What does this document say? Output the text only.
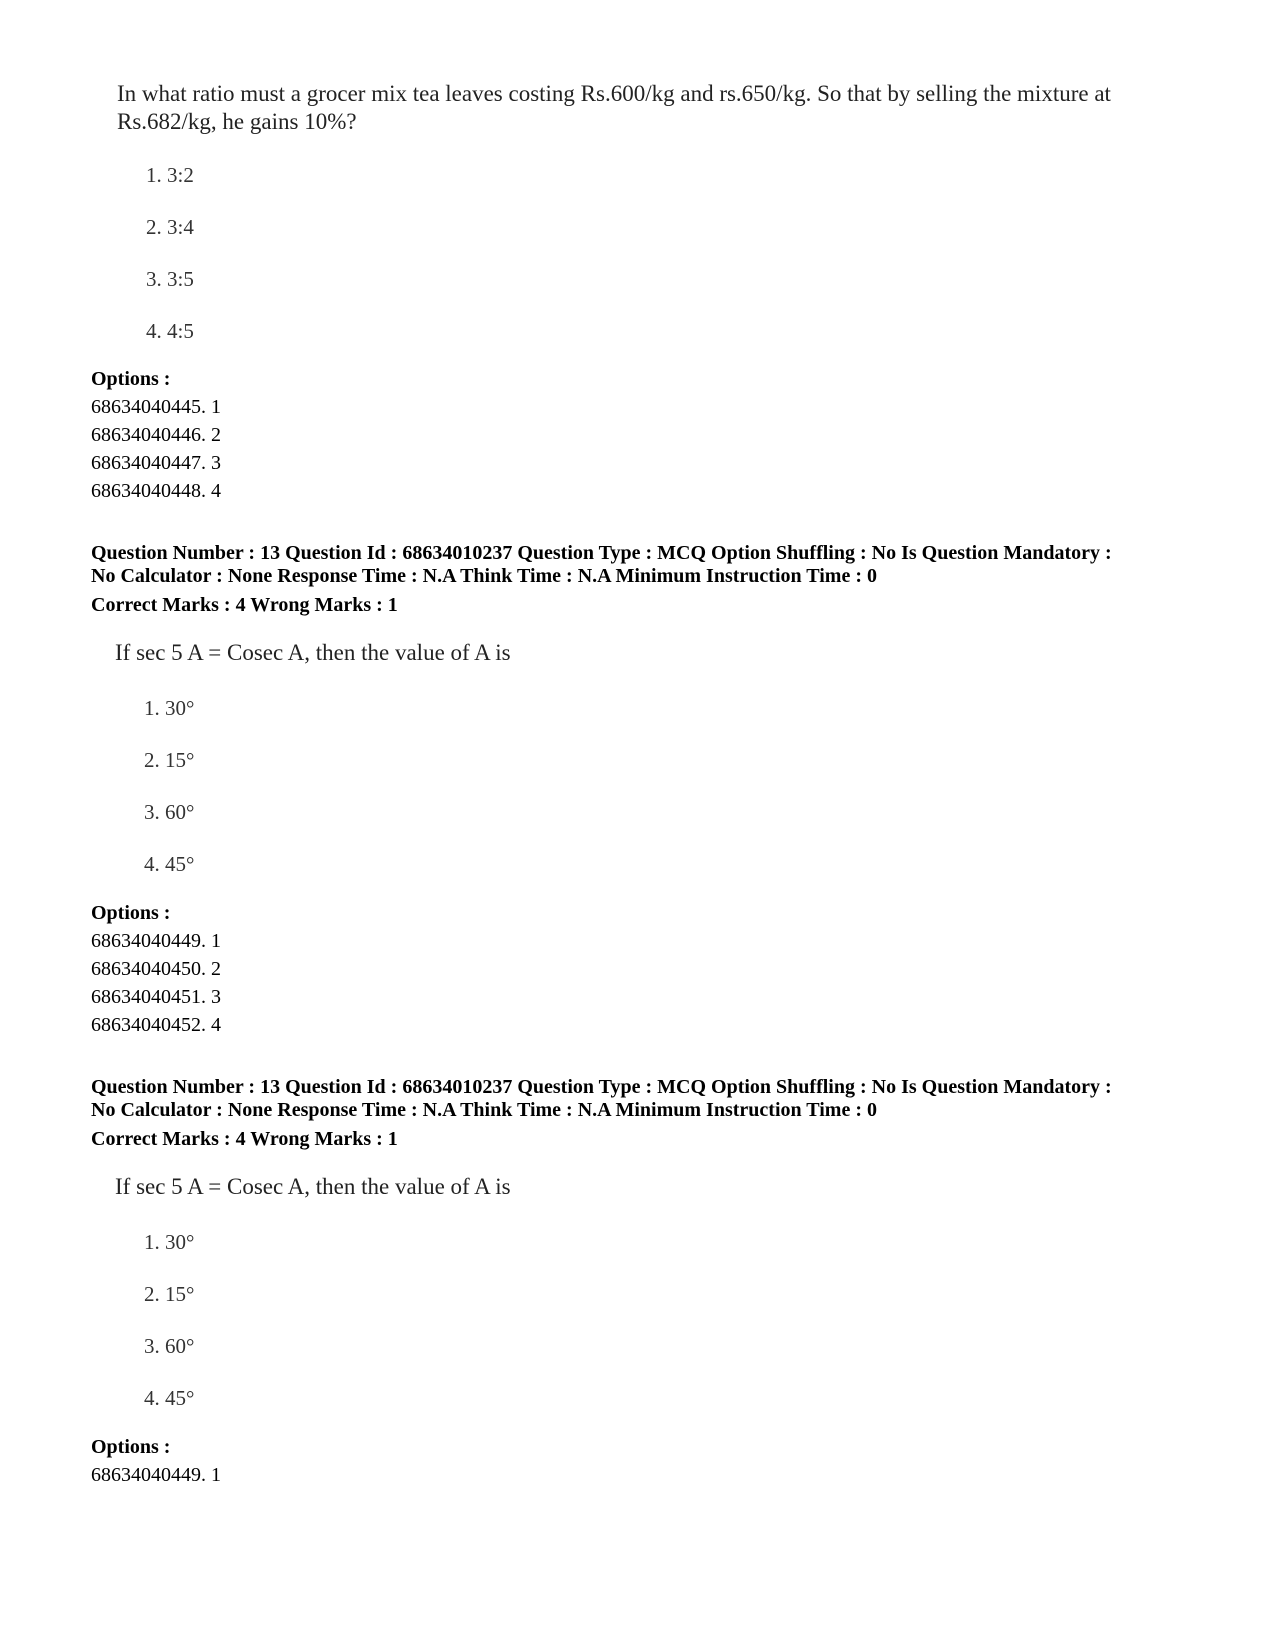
In what ratio must a grocer mix tea leaves costing Rs.600/kg and rs.650/kg. So that by selling the mixture at
Rs.682/kg, he gains 10%?
1. 3:2
2. 3:4
3. 3:5
4. 4:5
Options :
68634040445. 1
68634040446. 2
68634040447. 3
68634040448. 4
Question Number : 13 Question Id : 68634010237 Question Type : MCQ Option Shuffling : No Is Question Mandatory :
No Calculator : None Response Time : N.A Think Time : N.A Minimum Instruction Time : 0
Correct Marks : 4 Wrong Marks : 1
If sec 5 A = Cosec A, then the value of A is
1. 30°
2. 15°
3. 60°
4. 45°
Options :
68634040449. 1
68634040450. 2
68634040451. 3
68634040452. 4
Question Number : 13 Question Id : 68634010237 Question Type : MCQ Option Shuffling : No Is Question Mandatory :
No Calculator : None Response Time : N.A Think Time : N.A Minimum Instruction Time : 0
Correct Marks : 4 Wrong Marks : 1
If sec 5 A = Cosec A, then the value of A is
1. 30°
2. 15°
3. 60°
4. 45°
Options :
68634040449. 1
